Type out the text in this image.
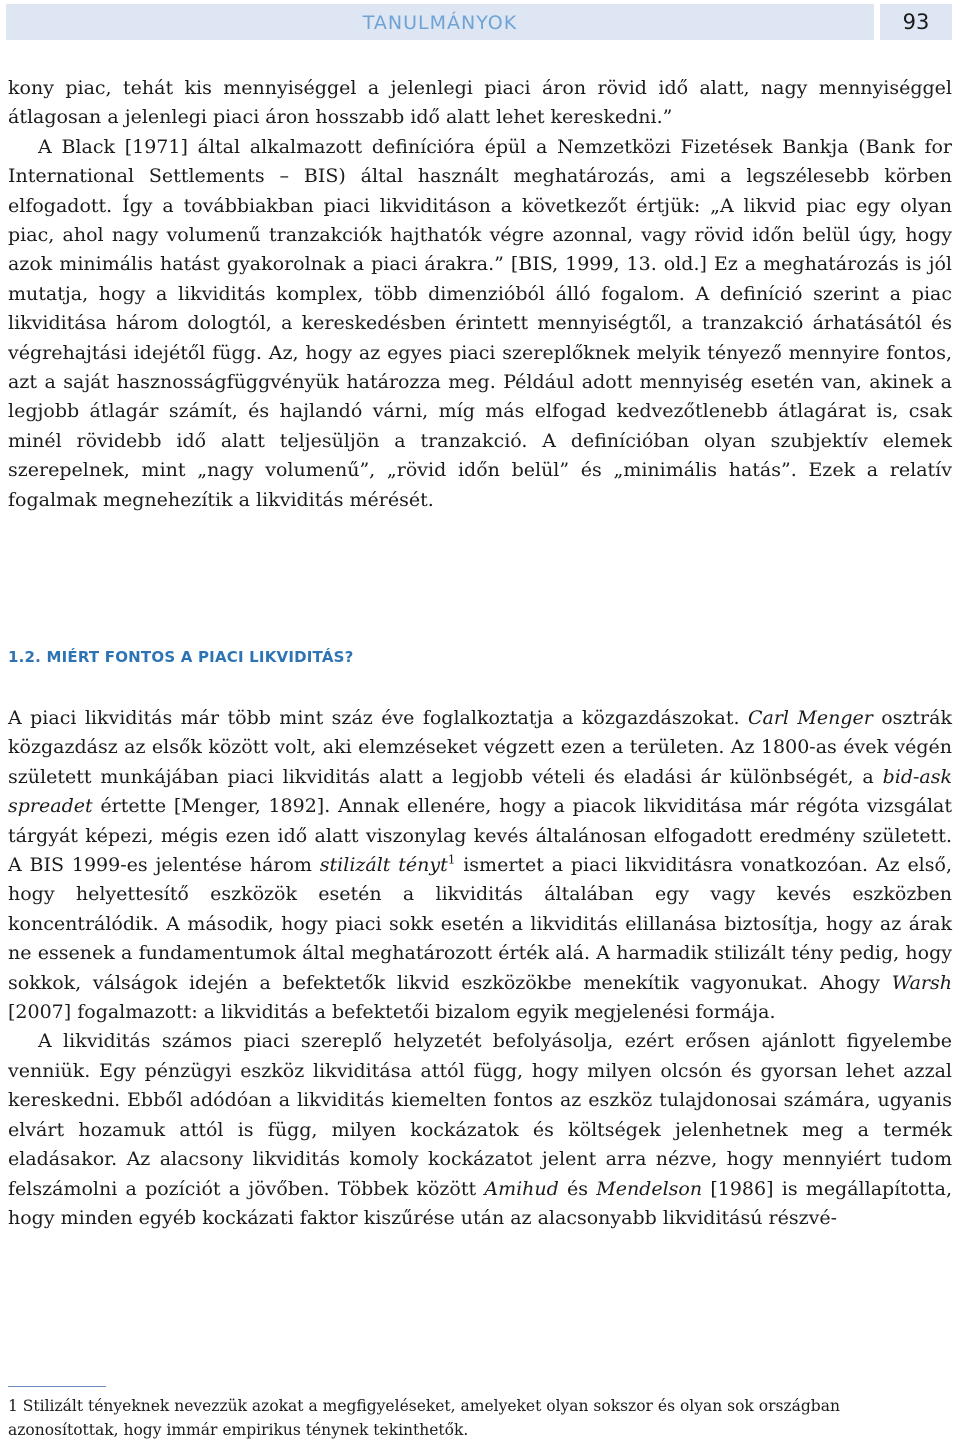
TANULMÁNYOK	93

kony piac, tehát kis mennyiséggel a jelenlegi piaci áron rövid idő alatt, nagy mennyiséggel átlagosan a jelenlegi piaci áron hosszabb idő alatt lehet kereskedni.”

A Black [1971] által alkalmazott definícióra épül a Nemzetközi Fizetések Bankja (Bank for International Settlements – BIS) által használt meghatározás, ami a legszélesebb körben elfogadott. Így a továbbiakban piaci likviditáson a következőt értjük: „A likvid piac egy olyan piac, ahol nagy volumenű tranzakciók hajthatók végre azonnal, vagy rövid időn belül úgy, hogy azok minimális hatást gyakorolnak a piaci árakra.” [BIS, 1999, 13. old.] Ez a meghatározás is jól mutatja, hogy a likviditás komplex, több dimenzióból álló fogalom. A definíció szerint a piac likviditása három dologtól, a kereskedésben érintett mennyiségtől, a tranzakció árhatásától és végrehajtási idejétől függ. Az, hogy az egyes piaci szereplőknek melyik tényező mennyire fontos, azt a saját hasznosságfüggvényük határozza meg. Például adott mennyiség esetén van, akinek a legjobb átlagár számít, és hajlandó várni, míg más elfogad kedvezőtlenebb átlagárat is, csak minél rövidebb idő alatt teljesüljön a tranzakció. A definícióban olyan szubjektív elemek szerepelnek, mint „nagy volumenű”, „rövid időn belül” és „minimális hatás”. Ezek a relatív fogalmak megnehezítik a likviditás mérését.

1.2. MIÉRT FONTOS A PIACI LIKVIDITÁS?

A piaci likviditás már több mint száz éve foglalkoztatja a közgazdászokat. Carl Menger osztrák közgazdász az elsők között volt, aki elemzéseket végzett ezen a területen. Az 1800-as évek végén született munkájában piaci likviditás alatt a legjobb vételi és eladási ár különbségét, a bid-ask spreadet értette [Menger, 1892]. Annak ellenére, hogy a piacok likviditása már régóta vizsgálat tárgyát képezi, mégis ezen idő alatt viszonylag kevés általánosan elfogadott eredmény született. A BIS 1999-es jelentése három stilizált tényt$^1$ ismertet a piaci likviditásra vonatkozóan. Az első, hogy helyettesítő eszközök esetén a likviditás általában egy vagy kevés eszközben koncentrálódik. A második, hogy piaci sokk esetén a likviditás elillanása biztosítja, hogy az árak ne essenek a fundamentumok által meghatározott érték alá. A harmadik stilizált tény pedig, hogy sokkok, válságok idején a befektetők likvid eszközökbe menekítik vagyonukat. Ahogy Warsh [2007] fogalmazott: a likviditás a befektetői bizalom egyik megjelenési formája.

A likviditás számos piaci szereplő helyzetét befolyásolja, ezért erősen ajánlott figyelembe venniük. Egy pénzügyi eszköz likviditása attól függ, hogy milyen olcsón és gyorsan lehet azzal kereskedni. Ebből adódóan a likviditás kiemelten fontos az eszköz tulajdonosai számára, ugyanis elvárt hozamuk attól is függ, milyen kockázatok és költségek jelenhetnek meg a termék eladásakor. Az alacsony likviditás komoly kockázatot jelent arra nézve, hogy mennyiért tudom felszámolni a pozíciót a jövőben. Többek között Amihud és Mendelson [1986] is megállapította, hogy minden egyéb kockázati faktor kiszűrése után az alacsonyabb likviditású részvé-

1 Stilizált tényeknek nevezzük azokat a megfigyeléseket, amelyeket olyan sokszor és olyan sok országban azonosítottak, hogy immár empirikus ténynek tekinthetők.
